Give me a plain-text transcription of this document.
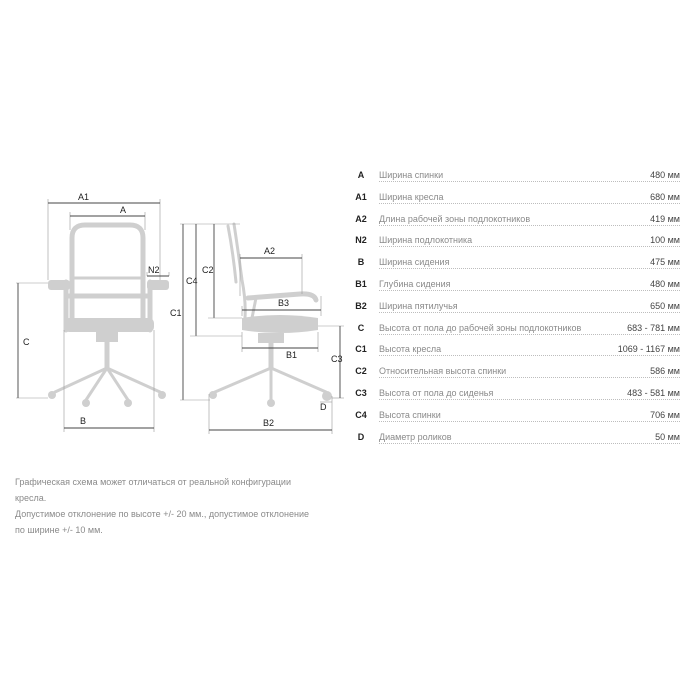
A1
A
N2
C
B
C4
C2
C1
A2
B3
B1	C3
D
B2
A	Ширина спинки	480 мм
A1	Ширина кресла	680 мм
A2	Длина рабочей зоны подлокотников	419 мм
N2	Ширина подлокотника	100 мм
B	Ширина сидения	475 мм
B1	Глубина сидения	480 мм
B2	Ширина пятилучья	650 мм
C	Высота от пола до рабочей зоны подлокотников	683 - 781 мм
C1	Высота кресла	1069 - 1167 мм
C2	Относительная высота спинки	586 мм
C3	Высота от пола до сиденья	483 - 581 мм
C4	Высота спинки	706 мм
D	Диаметр роликов	50 мм
Графическая схема может отличаться от реальной конфигурации
кресла.
Допустимое отклонение по высоте +/- 20 мм., допустимое отклонение
по ширине +/- 10 мм.
